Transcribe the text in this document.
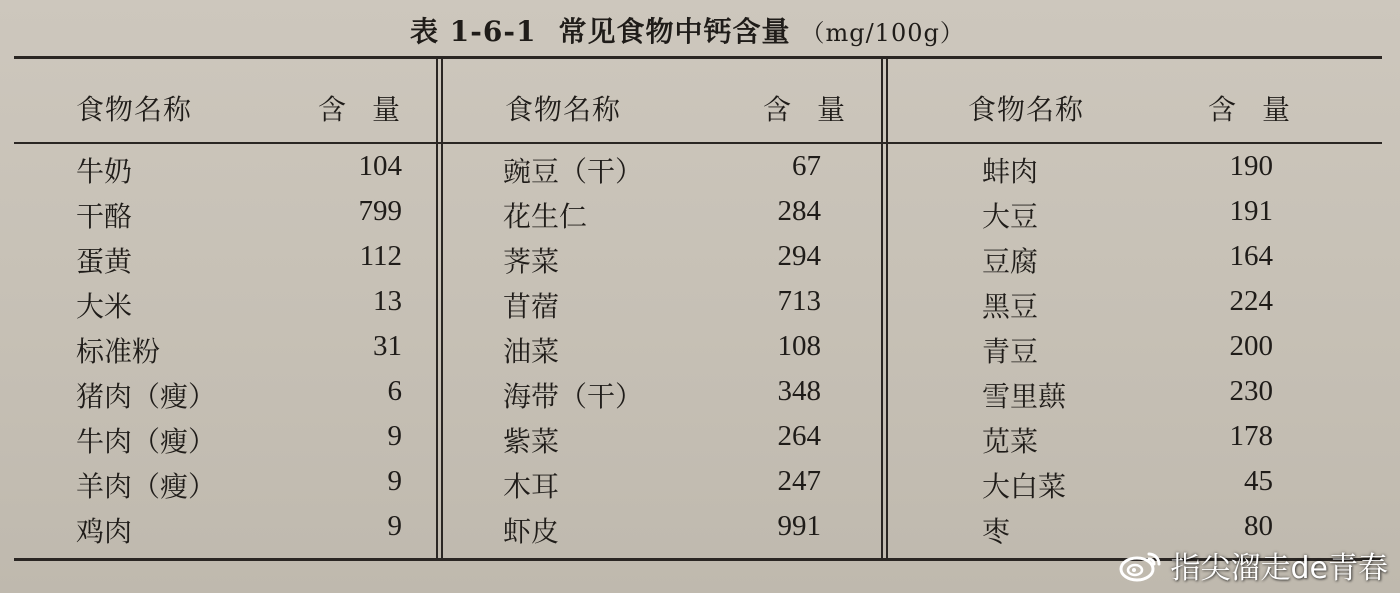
表 1-6-1 常见食物中钙含量 （mg/100g）
食物名称	含量
牛奶	104
干酪	799
蛋黄	112
大米	13
标准粉	31
猪肉（瘦）	6
牛肉（瘦）	9
羊肉（瘦）	9
鸡肉	9
食物名称	含量
豌豆（干）	67
花生仁	284
荠菜	294
苜蓿	713
油菜	108
海带（干）	348
紫菜	264
木耳	247
虾皮	991
食物名称	含量
蚌肉	190
大豆	191
豆腐	164
黑豆	224
青豆	200
雪里蕻	230
苋菜	178
大白菜	45
枣	80
指尖溜走de青春
